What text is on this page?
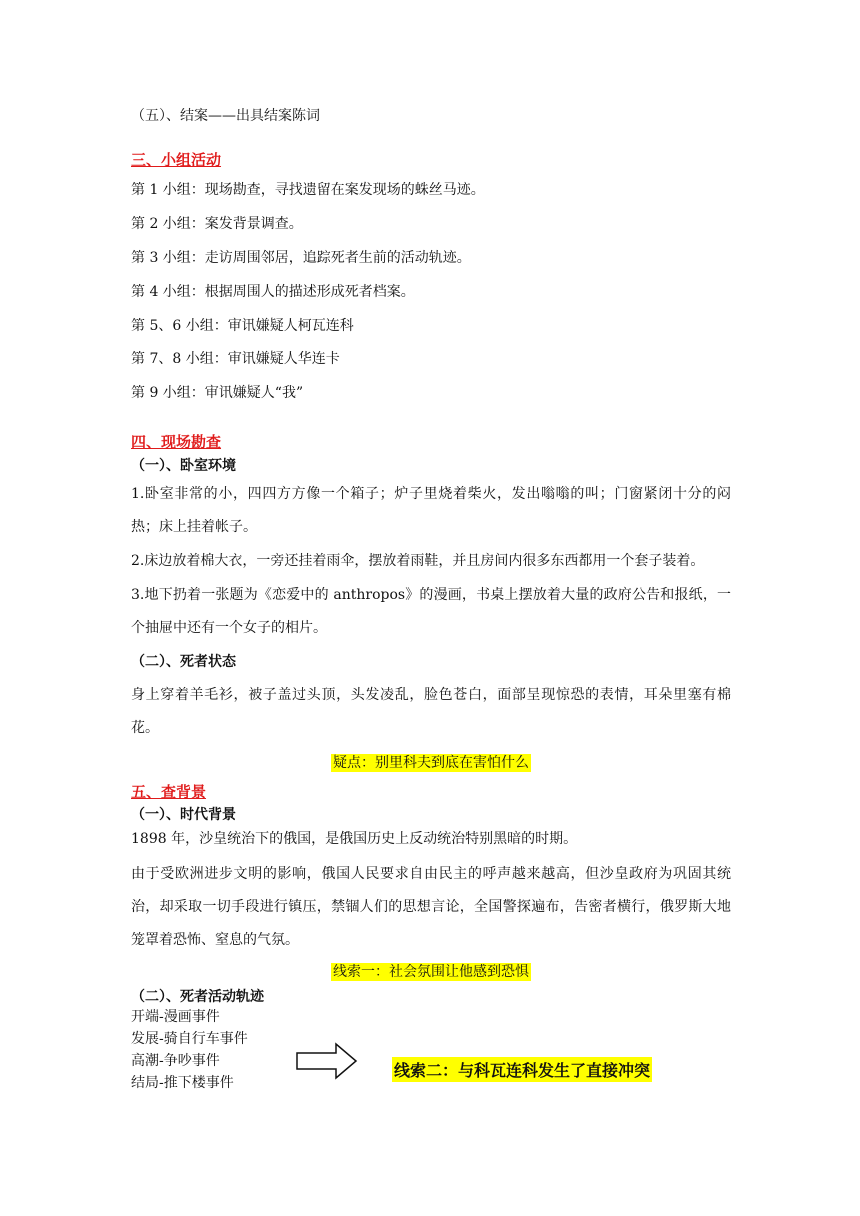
（五）、结案——出具结案陈词
三、小组活动
第 1 小组：现场勘查，寻找遗留在案发现场的蛛丝马迹。
第 2 小组：案发背景调查。
第 3 小组：走访周围邻居，追踪死者生前的活动轨迹。
第 4 小组：根据周围人的描述形成死者档案。
第 5、6 小组：审讯嫌疑人柯瓦连科
第 7、8 小组：审讯嫌疑人华连卡
第 9 小组：审讯嫌疑人“我”
四、现场勘查
（一）、卧室环境
1.卧室非常的小，四四方方像一个箱子；炉子里烧着柴火，发出嗡嗡的叫；门窗紧闭十分的闷热；床上挂着帐子。
2.床边放着棉大衣，一旁还挂着雨伞，摆放着雨鞋，并且房间内很多东西都用一个套子装着。
3.地下扔着一张题为《恋爱中的 anthropos》的漫画，书桌上摆放着大量的政府公告和报纸，一个抽屉中还有一个女子的相片。
（二）、死者状态
身上穿着羊毛衫，被子盖过头顶，头发凌乱，脸色苍白，面部呈现惊恐的表情，耳朵里塞有棉花。
疑点：别里科夫到底在害怕什么
五、查背景
（一）、时代背景
1898 年，沙皇统治下的俄国，是俄国历史上反动统治特别黑暗的时期。
由于受欧洲进步文明的影响，俄国人民要求自由民主的呼声越来越高，但沙皇政府为巩固其统治，却采取一切手段进行镇压，禁锢人们的思想言论，全国警探遍布，告密者横行，俄罗斯大地笼罩着恐怖、窒息的气氛。
线索一：社会氛围让他感到恐惧
（二）、死者活动轨迹
开端-漫画事件
发展-骑自行车事件
高潮-争吵事件
结局-推下楼事件
线索二：与科瓦连科发生了直接冲突
